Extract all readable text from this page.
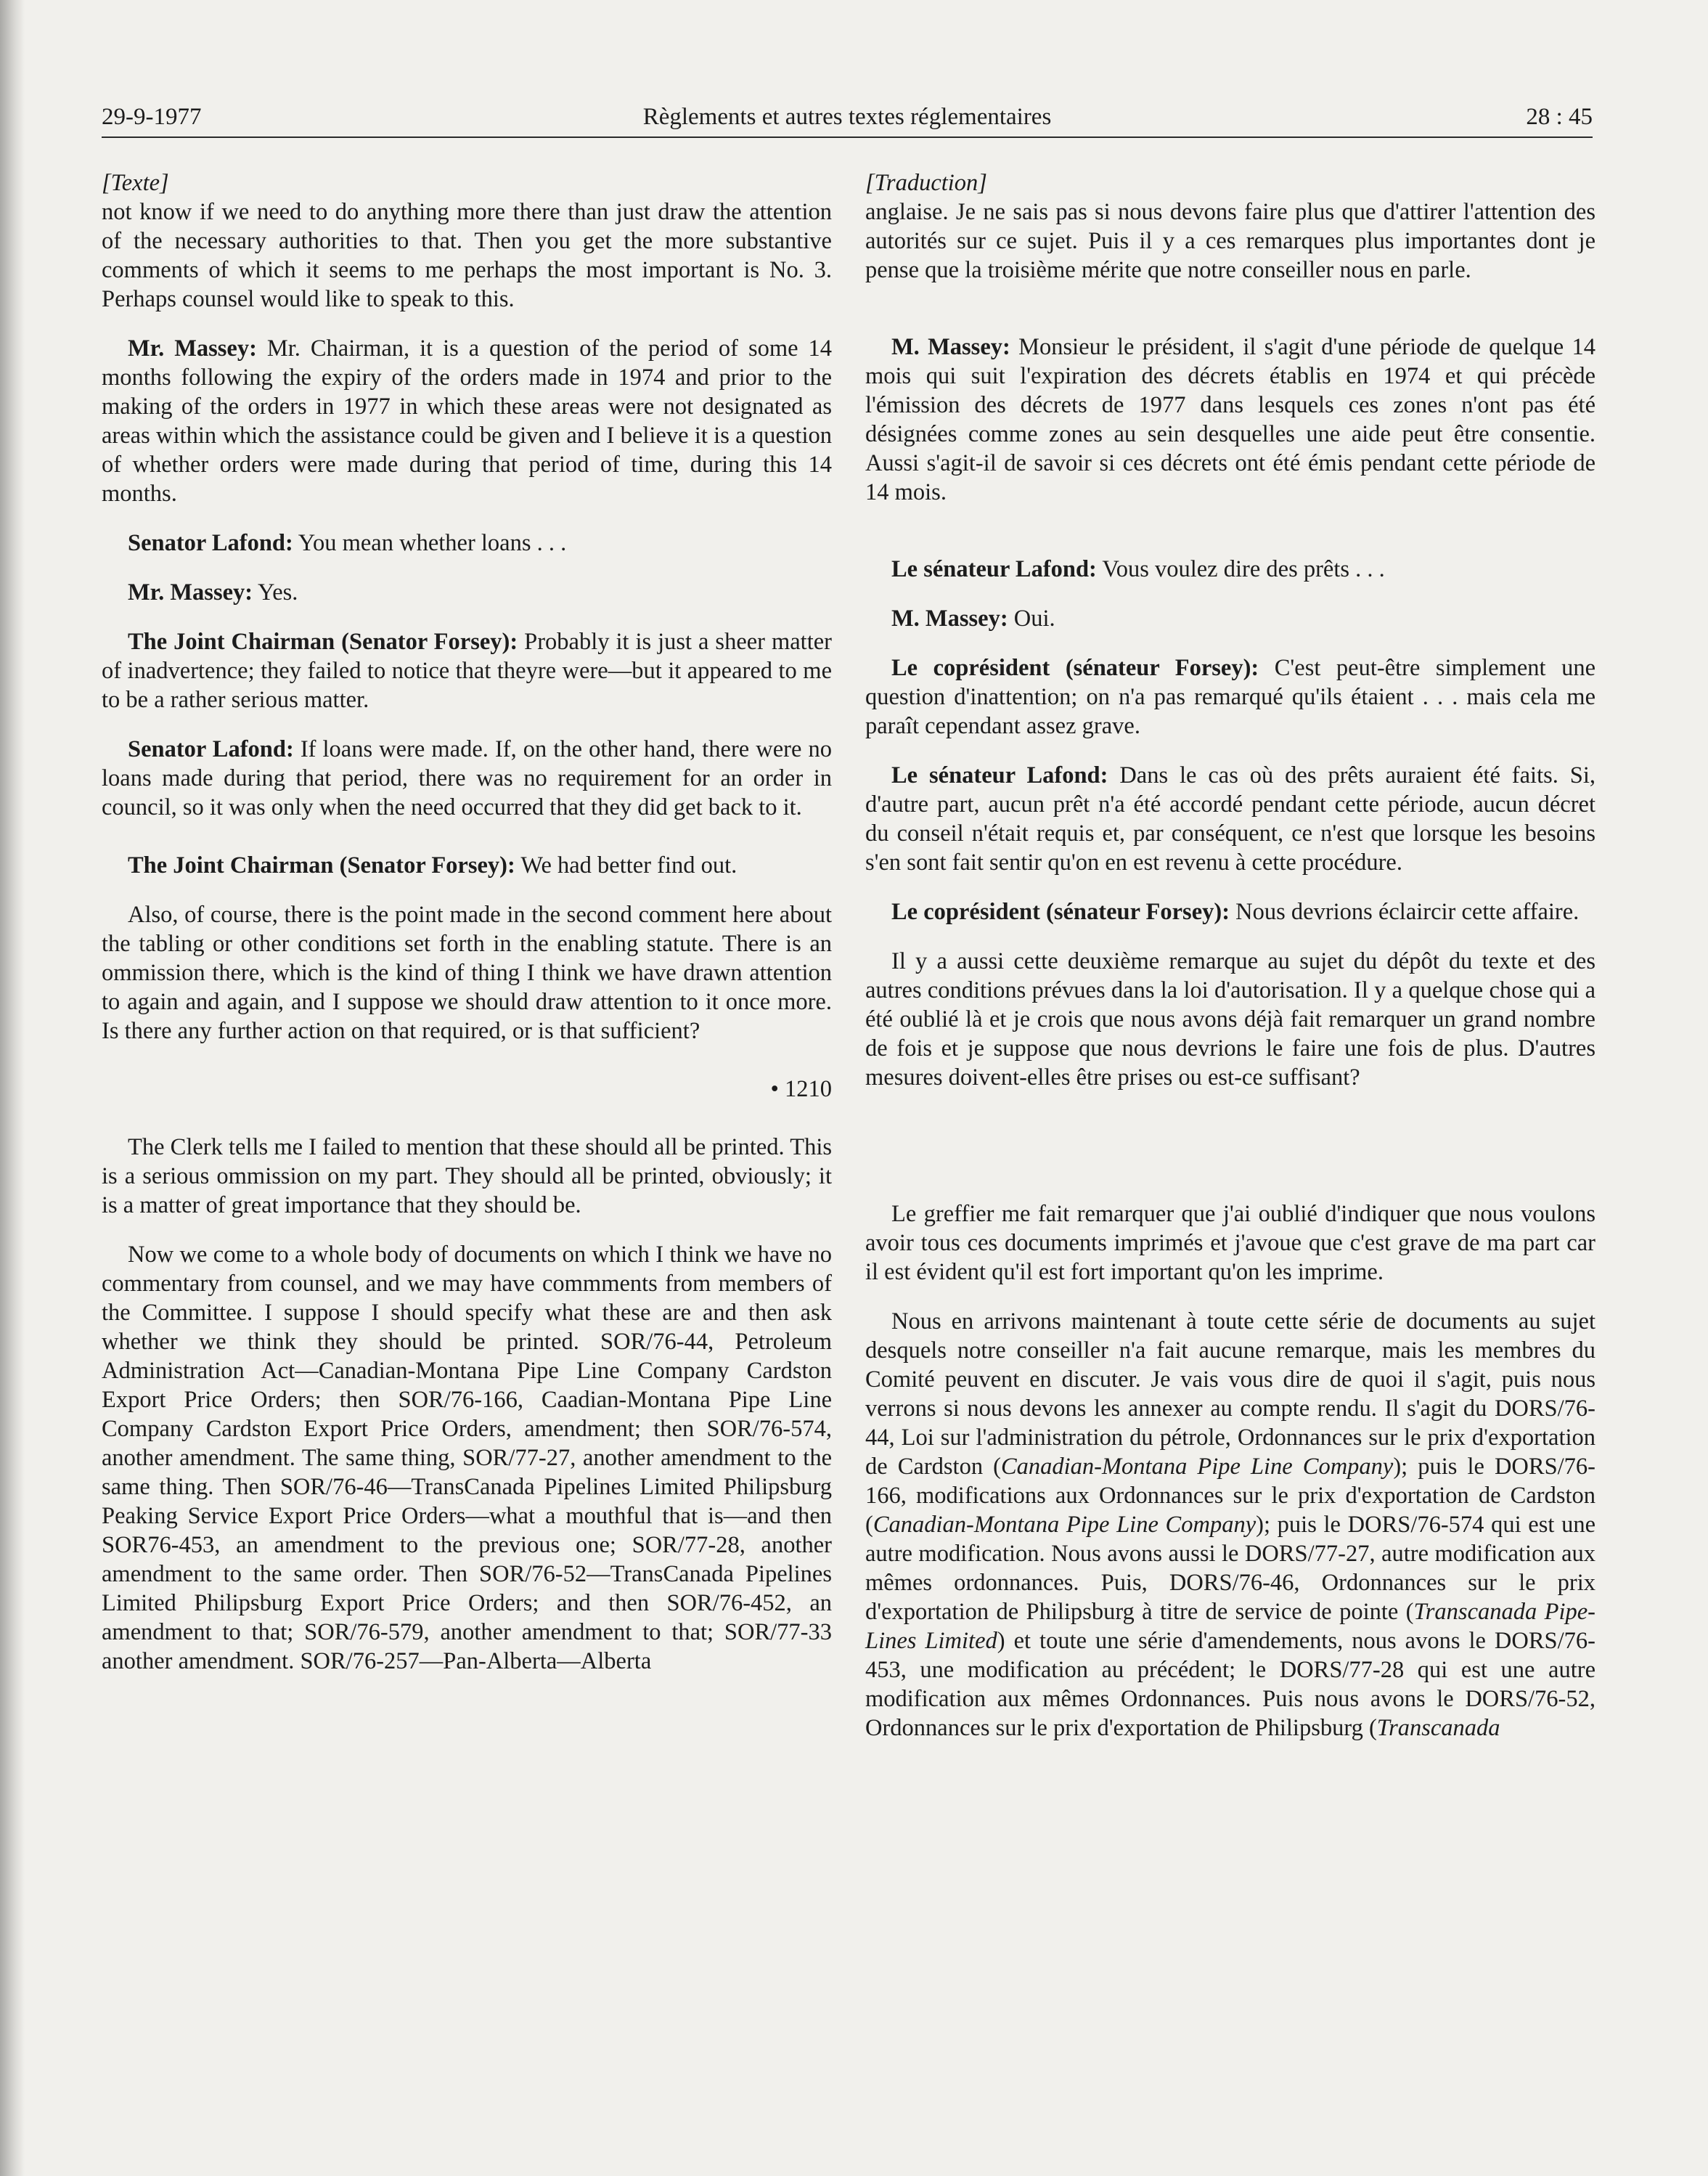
29-9-1977	Règlements et autres textes réglementaires	28 : 45

[Texte]

not know if we need to do anything more there than just draw the attention of the necessary authorities to that. Then you get the more substantive comments of which it seems to me perhaps the most important is No. 3. Perhaps counsel would like to speak to this.

Mr. Massey: Mr. Chairman, it is a question of the period of some 14 months following the expiry of the orders made in 1974 and prior to the making of the orders in 1977 in which these areas were not designated as areas within which the assistance could be given and I believe it is a question of whether orders were made during that period of time, during this 14 months.

Senator Lafond: You mean whether loans . . .

Mr. Massey: Yes.

The Joint Chairman (Senator Forsey): Probably it is just a sheer matter of inadvertence; they failed to notice that theyre were—but it appeared to me to be a rather serious matter.

Senator Lafond: If loans were made. If, on the other hand, there were no loans made during that period, there was no requirement for an order in council, so it was only when the need occurred that they did get back to it.

The Joint Chairman (Senator Forsey): We had better find out.

Also, of course, there is the point made in the second comment here about the tabling or other conditions set forth in the enabling statute. There is an ommission there, which is the kind of thing I think we have drawn attention to again and again, and I suppose we should draw attention to it once more. Is there any further action on that required, or is that sufficient?

• 1210

The Clerk tells me I failed to mention that these should all be printed. This is a serious ommission on my part. They should all be printed, obviously; it is a matter of great importance that they should be.

Now we come to a whole body of documents on which I think we have no commentary from counsel, and we may have commments from members of the Committee. I suppose I should specify what these are and then ask whether we think they should be printed. SOR/76-44, Petroleum Administration Act—Canadian-Montana Pipe Line Company Cardston Export Price Orders; then SOR/76-166, Caadian-Montana Pipe Line Company Cardston Export Price Orders, amendment; then SOR/76-574, another amendment. The same thing, SOR/77-27, another amendment to the same thing. Then SOR/76-46—TransCanada Pipelines Limited Philipsburg Peaking Service Export Price Orders—what a mouthful that is—and then SOR76-453, an amendment to the previous one; SOR/77-28, another amendment to the same order. Then SOR/76-52—TransCanada Pipelines Limited Philipsburg Export Price Orders; and then SOR/76-452, an amendment to that; SOR/76-579, another amendment to that; SOR/77-33 another amendment. SOR/76-257—Pan-Alberta—Alberta

[Traduction]

anglaise. Je ne sais pas si nous devons faire plus que d'attirer l'attention des autorités sur ce sujet. Puis il y a ces remarques plus importantes dont je pense que la troisième mérite que notre conseiller nous en parle.

M. Massey: Monsieur le président, il s'agit d'une période de quelque 14 mois qui suit l'expiration des décrets établis en 1974 et qui précède l'émission des décrets de 1977 dans lesquels ces zones n'ont pas été désignées comme zones au sein desquelles une aide peut être consentie. Aussi s'agit-il de savoir si ces décrets ont été émis pendant cette période de 14 mois.

Le sénateur Lafond: Vous voulez dire des prêts . . .

M. Massey: Oui.

Le coprésident (sénateur Forsey): C'est peut-être simplement une question d'inattention; on n'a pas remarqué qu'ils étaient . . . mais cela me paraît cependant assez grave.

Le sénateur Lafond: Dans le cas où des prêts auraient été faits. Si, d'autre part, aucun prêt n'a été accordé pendant cette période, aucun décret du conseil n'était requis et, par conséquent, ce n'est que lorsque les besoins s'en sont fait sentir qu'on en est revenu à cette procédure.

Le coprésident (sénateur Forsey): Nous devrions éclaircir cette affaire.

Il y a aussi cette deuxième remarque au sujet du dépôt du texte et des autres conditions prévues dans la loi d'autorisation. Il y a quelque chose qui a été oublié là et je crois que nous avons déjà fait remarquer un grand nombre de fois et je suppose que nous devrions le faire une fois de plus. D'autres mesures doivent-elles être prises ou est-ce suffisant?

Le greffier me fait remarquer que j'ai oublié d'indiquer que nous voulons avoir tous ces documents imprimés et j'avoue que c'est grave de ma part car il est évident qu'il est fort important qu'on les imprime.

Nous en arrivons maintenant à toute cette série de documents au sujet desquels notre conseiller n'a fait aucune remarque, mais les membres du Comité peuvent en discuter. Je vais vous dire de quoi il s'agit, puis nous verrons si nous devons les annexer au compte rendu. Il s'agit du DORS/76-44, Loi sur l'administration du pétrole, Ordonnances sur le prix d'exportation de Cardston (Canadian-Montana Pipe Line Company); puis le DORS/76-166, modifications aux Ordonnances sur le prix d'exportation de Cardston (Canadian-Montana Pipe Line Company); puis le DORS/76-574 qui est une autre modification. Nous avons aussi le DORS/77-27, autre modification aux mêmes ordonnances. Puis, DORS/76-46, Ordonnances sur le prix d'exportation de Philipsburg à titre de service de pointe (Transcanada Pipe-Lines Limited) et toute une série d'amendements, nous avons le DORS/76-453, une modification au précédent; le DORS/77-28 qui est une autre modification aux mêmes Ordonnances. Puis nous avons le DORS/76-52, Ordonnances sur le prix d'exportation de Philipsburg (Transcanada
